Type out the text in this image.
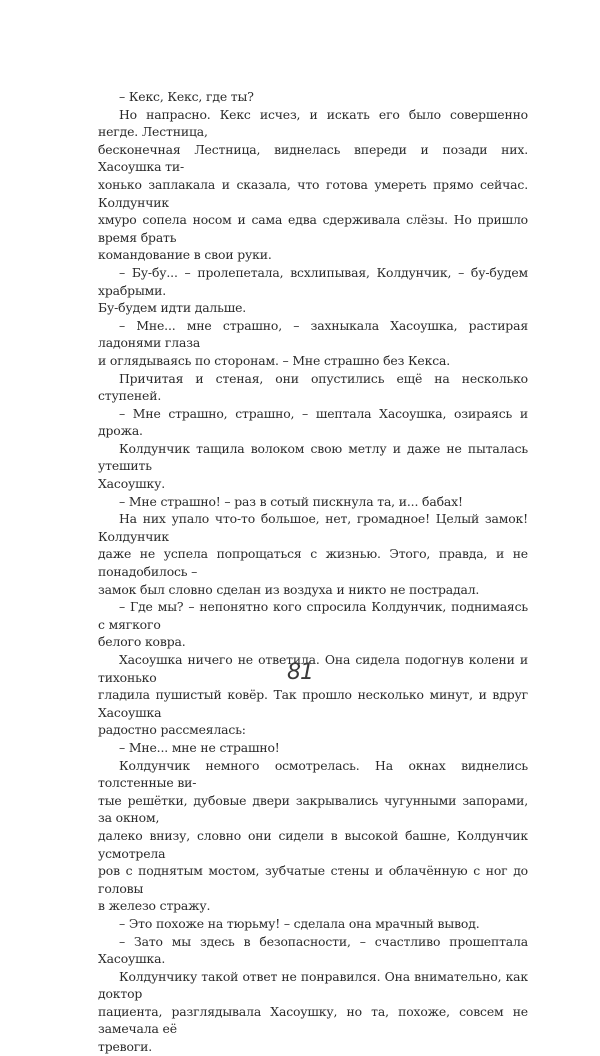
– Кекс, Кекс, где ты?

Но напрасно. Кекс исчез, и искать его было совершенно негде. Лестница,
бесконечная Лестница, виднелась впереди и позади них. Хасоушка ти-
хонько заплакала и сказала, что готова умереть прямо сейчас. Колдунчик
хмуро сопела носом и сама едва сдерживала слёзы. Но пришло время брать
командование в свои руки.

– Бу-бу... – пролепетала, всхлипывая, Колдунчик, – бу-будем храбрыми.
Бу-будем идти дальше.

– Мне... мне страшно, – захныкала Хасоушка, растирая ладонями глаза
и оглядываясь по сторонам. – Мне страшно без Кекса.

Причитая и стеная, они опустились ещё на несколько ступеней.

– Мне страшно, страшно, – шептала Хасоушка, озираясь и дрожа.

Колдунчик тащила волоком свою метлу и даже не пыталась утешить
Хасоушку.

– Мне страшно! – раз в сотый пискнула та, и... бабах!

На них упало что-то большое, нет, громадное! Целый замок! Колдунчик
даже не успела попрощаться с жизнью. Этого, правда, и не понадобилось –
замок был словно сделан из воздуха и никто не пострадал.

– Где мы? – непонятно кого спросила Колдунчик, поднимаясь с мягкого
белого ковра.

Хасоушка ничего не ответила. Она сидела подогнув колени и тихонько
гладила пушистый ковёр. Так прошло несколько минут, и вдруг Хасоушка
радостно рассмеялась:

– Мне... мне не страшно!

Колдунчик немного осмотрелась. На окнах виднелись толстенные ви-
тые решётки, дубовые двери закрывались чугунными запорами, за окном,
далеко внизу, словно они сидели в высокой башне, Колдунчик усмотрела
ров с поднятым мостом, зубчатые стены и облачённую с ног до головы
в железо стражу.

– Это похоже на тюрьму! – сделала она мрачный вывод.

– Зато мы здесь в безопасности, – счастливо прошептала Хасоушка.

Колдунчику такой ответ не понравился. Она внимательно, как доктор
пациента, разглядывала Хасоушку, но та, похоже, совсем не замечала её
тревоги.

81
